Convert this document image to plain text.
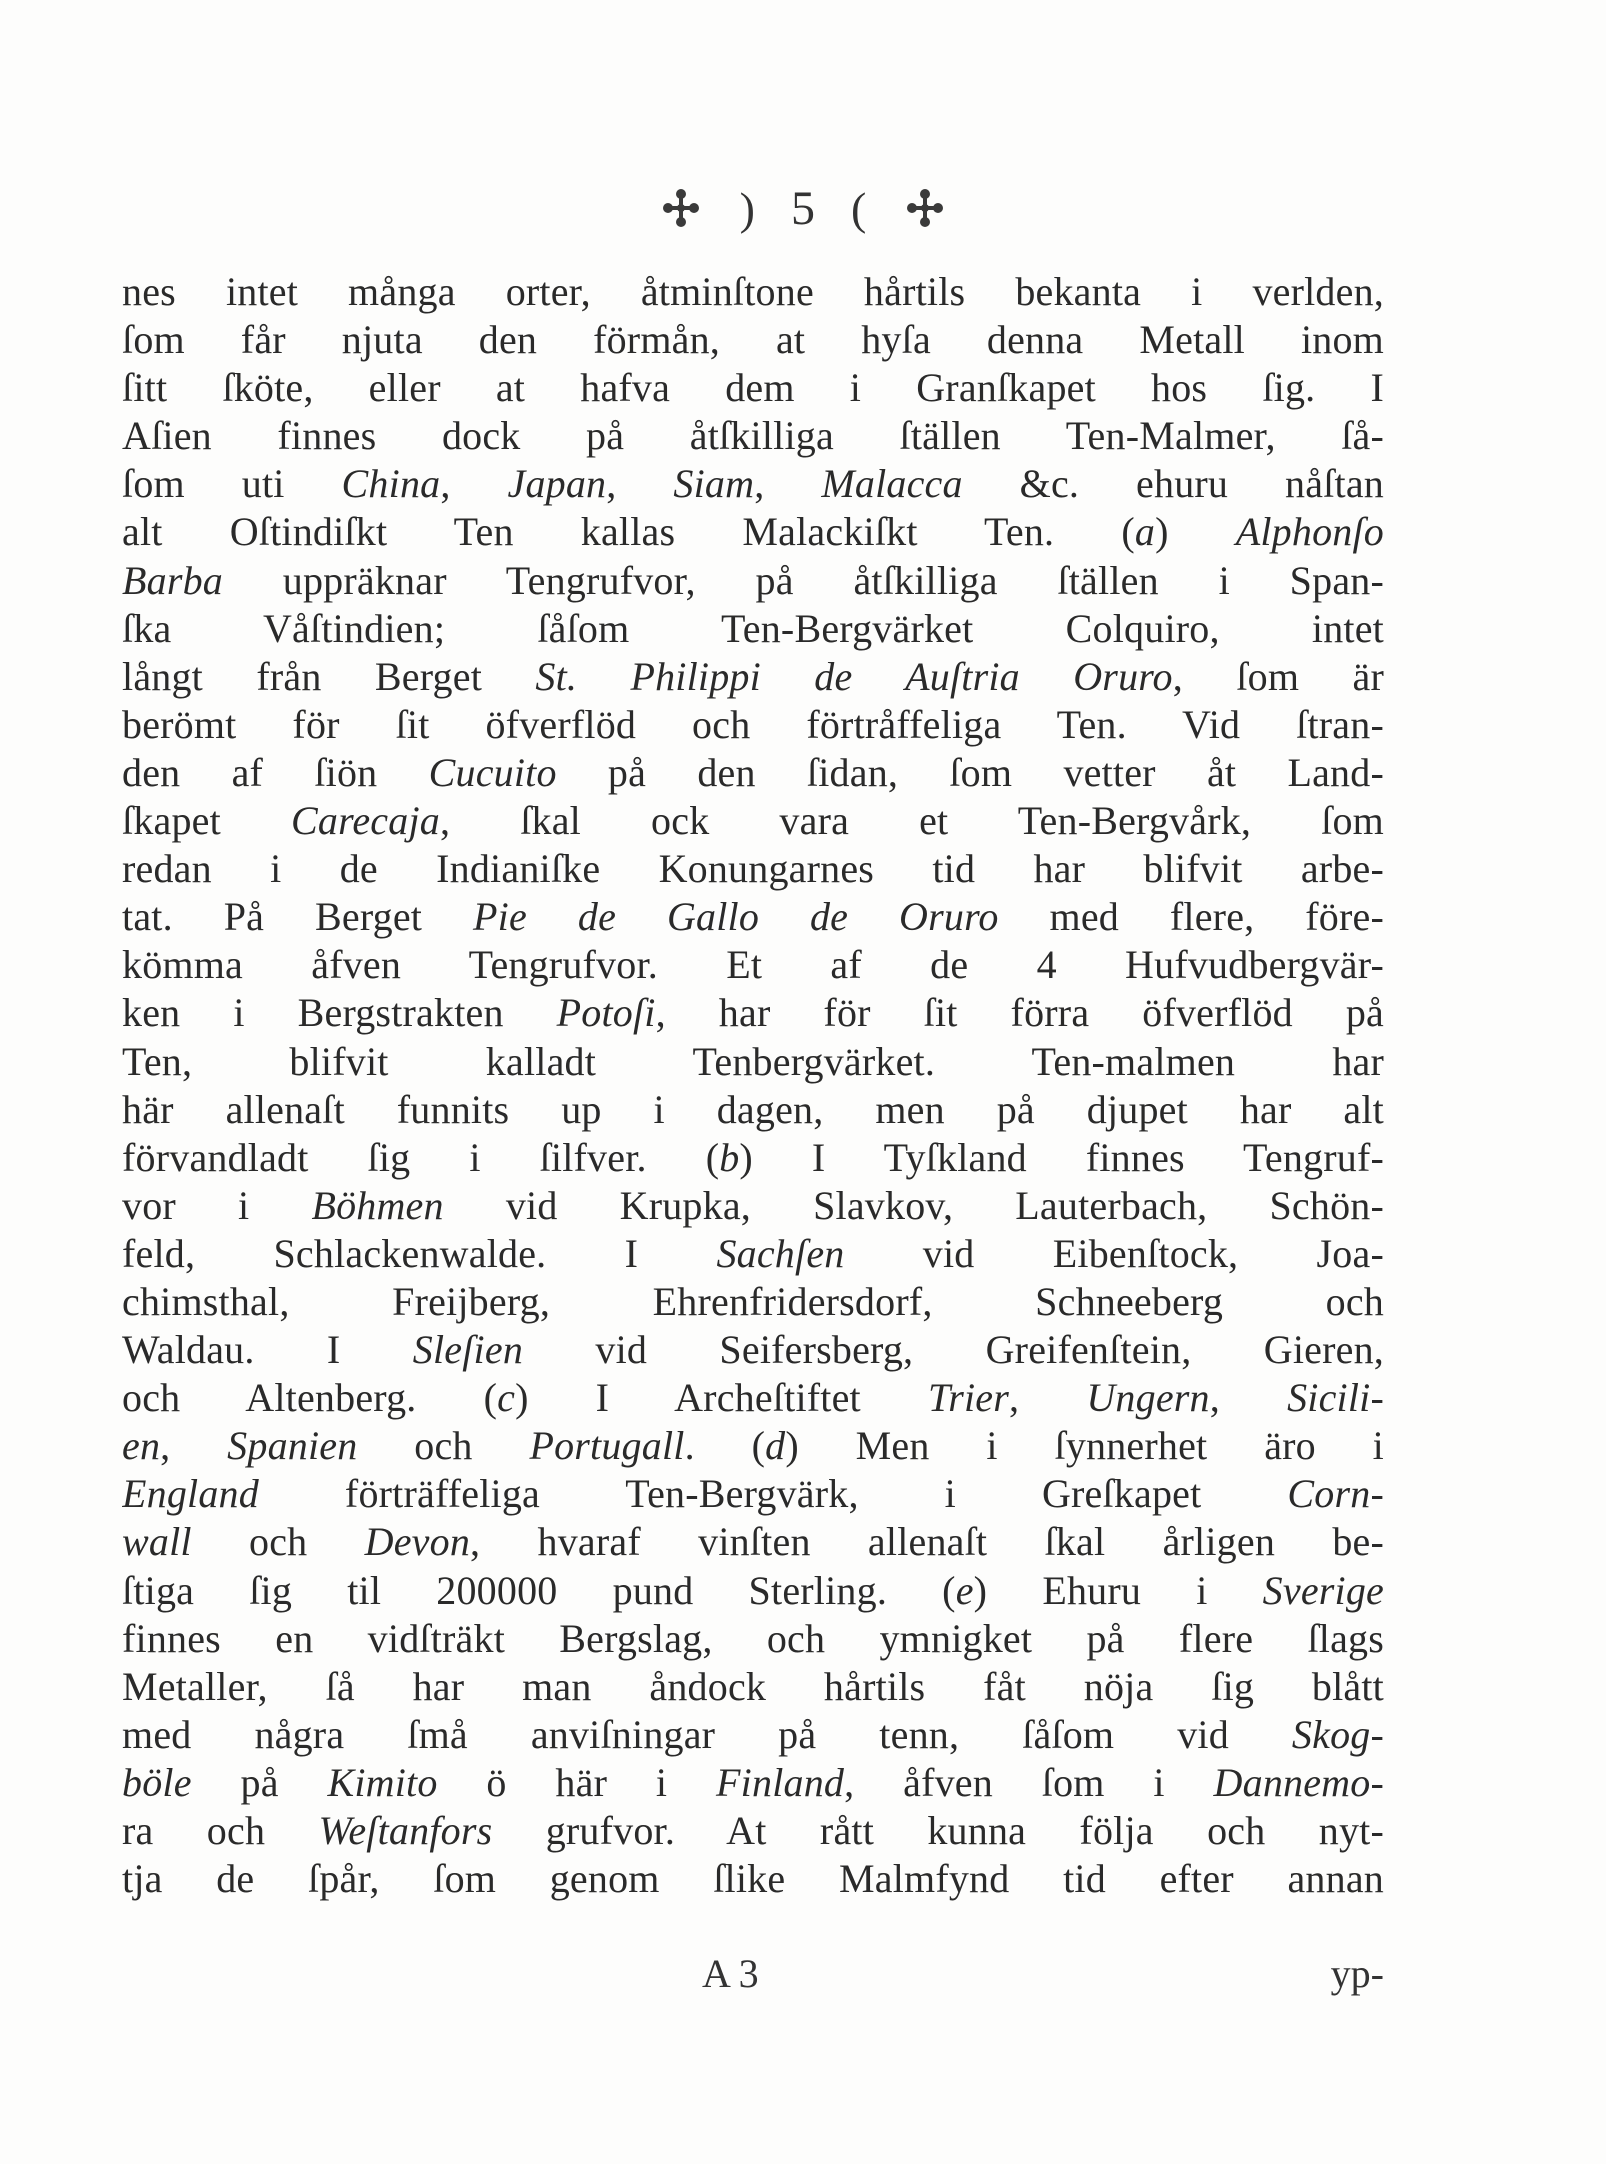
) 5 (
nes intet många orter, åtminſtone hårtils bekanta i verlden,
ſom får njuta den förmån, at hyſa denna Metall inom
ſitt ſköte, eller at hafva dem i Granſkapet hos ſig. I
Aſien finnes dock på åtſkilliga ſtällen Ten-Malmer, ſå-
ſom uti China, Japan, Siam, Malacca &c. ehuru nåſtan
alt Oſtindiſkt Ten kallas Malackiſkt Ten. (a) Alphonſo
Barba uppräknar Tengrufvor, på åtſkilliga ſtällen i Span-
ſka Våſtindien; ſåſom Ten-Bergvärket Colquiro, intet
långt från Berget St. Philippi de Auſtria Oruro, ſom är
berömt för ſit öfverflöd och förtråffeliga Ten. Vid ſtran-
den af ſiön Cucuito på den ſidan, ſom vetter åt Land-
ſkapet Carecaja, ſkal ock vara et Ten-Bergvårk, ſom
redan i de Indianiſke Konungarnes tid har blifvit arbe-
tat. På Berget Pie de Gallo de Oruro med flere, före-
kömma åfven Tengrufvor. Et af de 4 Hufvudbergvär-
ken i Bergstrakten Potoſi, har för ſit förra öfverflöd på
Ten, blifvit kalladt Tenbergvärket. Ten-malmen har
här allenaſt funnits up i dagen, men på djupet har alt
förvandladt ſig i ſilfver. (b) I Tyſkland finnes Tengruf-
vor i Böhmen vid Krupka, Slavkov, Lauterbach, Schön-
feld, Schlackenwalde. I Sachſen vid Eibenſtock, Joa-
chimsthal, Freijberg, Ehrenfridersdorf, Schneeberg och
Waldau. I Sleſien vid Seifersberg, Greifenſtein, Gieren,
och Altenberg. (c) I Archeſtiftet Trier, Ungern, Sicili-
en, Spanien och Portugall. (d) Men i ſynnerhet äro i
England förträffeliga Ten-Bergvärk, i Greſkapet Corn-
wall och Devon, hvaraf vinſten allenaſt ſkal årligen be-
ſtiga ſig til 200000 pund Sterling. (e) Ehuru i Sverige
finnes en vidſträkt Bergslag, och ymnigket på flere ſlags
Metaller, ſå har man åndock hårtils fåt nöja ſig blått
med några ſmå anviſningar på tenn, ſåſom vid Skog-
böle på Kimito ö här i Finland, åfven ſom i Dannemo-
ra och Weſtanfors grufvor. At rått kunna följa och nyt-
tja de ſpår, ſom genom ſlike Malmfynd tid efter annan
A 3	yp-
